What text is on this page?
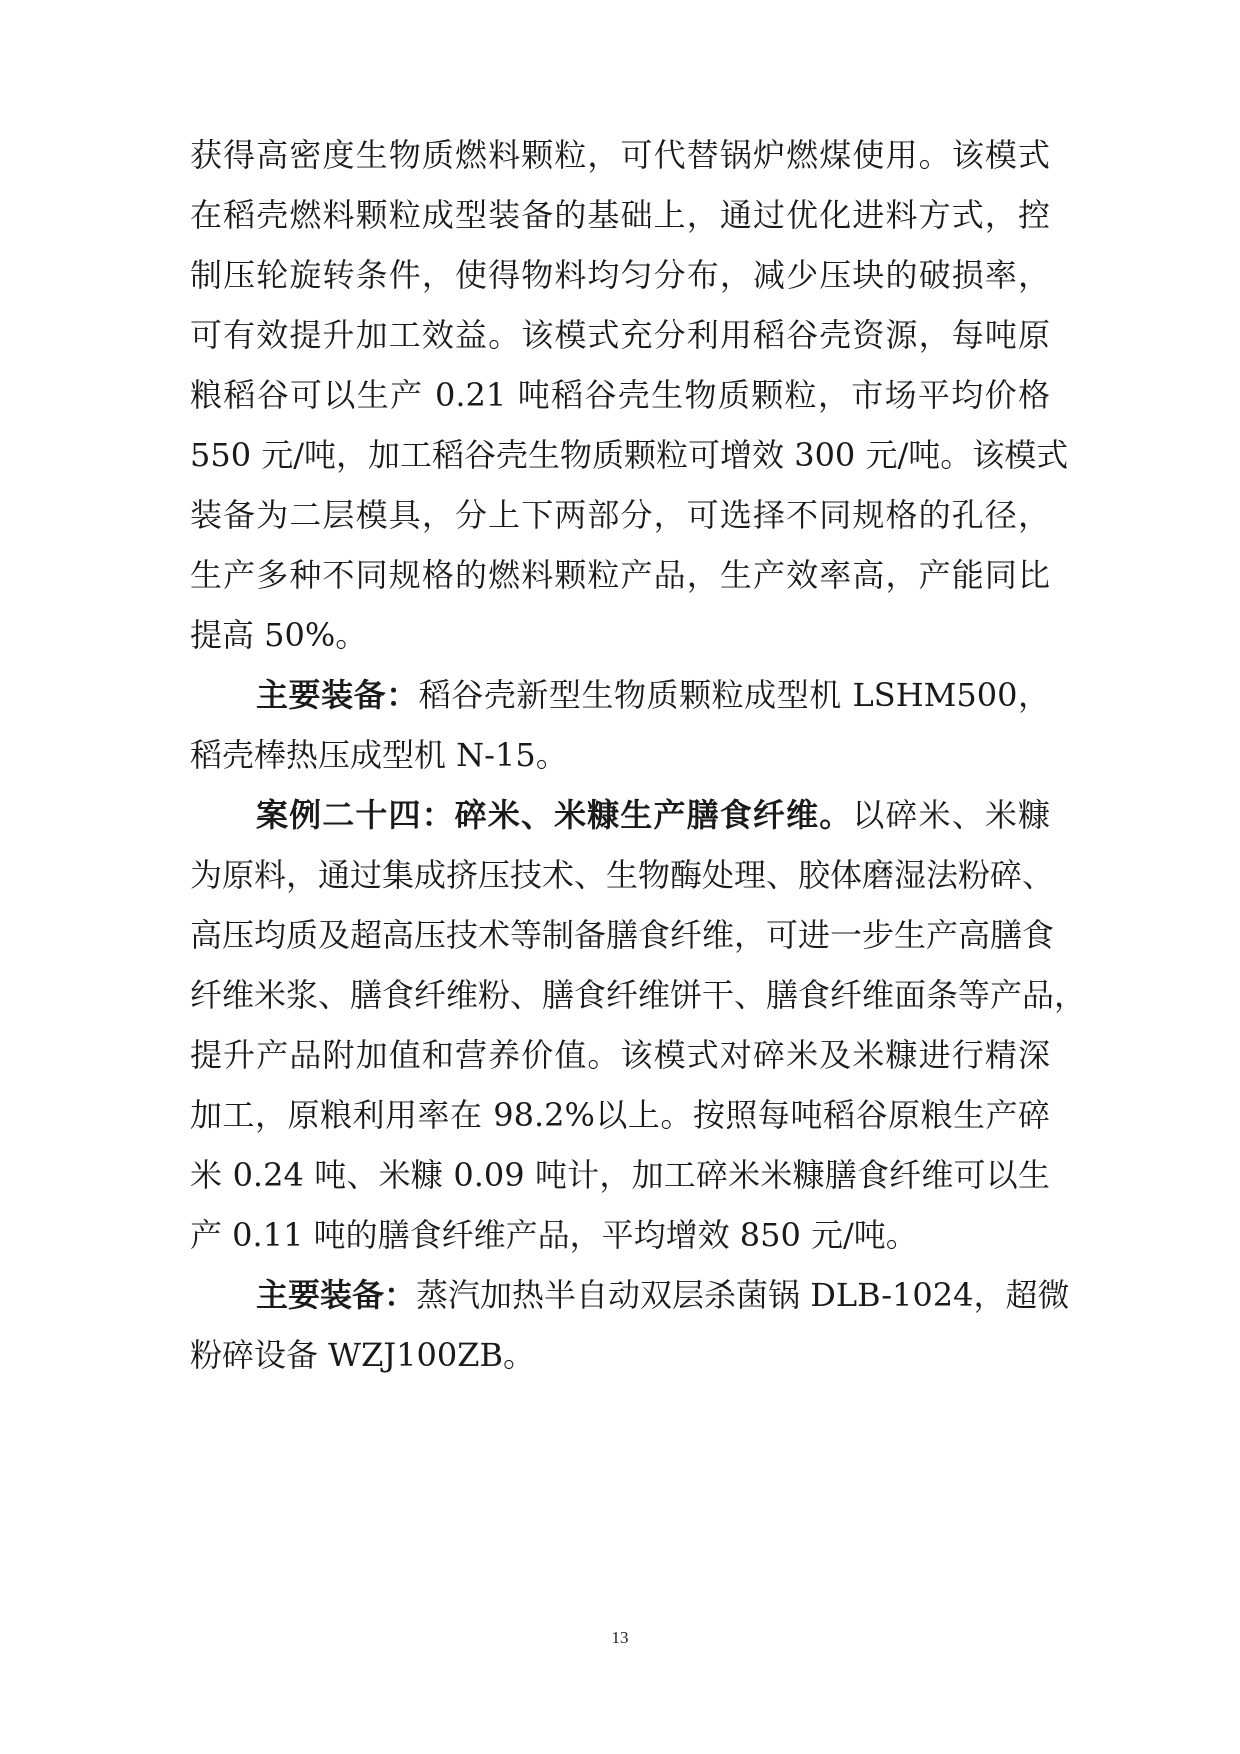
获得高密度生物质燃料颗粒，可代替锅炉燃煤使用。该模式
在稻壳燃料颗粒成型装备的基础上，通过优化进料方式，控
制压轮旋转条件，使得物料均匀分布，减少压块的破损率，
可有效提升加工效益。该模式充分利用稻谷壳资源，每吨原
粮稻谷可以生产 0.21 吨稻谷壳生物质颗粒，市场平均价格
550 元/吨，加工稻谷壳生物质颗粒可增效 300 元/吨。该模式
装备为二层模具，分上下两部分，可选择不同规格的孔径，
生产多种不同规格的燃料颗粒产品，生产效率高，产能同比
提高 50%。
主要装备：稻谷壳新型生物质颗粒成型机 LSHM500，
稻壳棒热压成型机 N-15。
案例二十四：碎米、米糠生产膳食纤维。以碎米、米糠
为原料，通过集成挤压技术、生物酶处理、胶体磨湿法粉碎、
高压均质及超高压技术等制备膳食纤维，可进一步生产高膳食
纤维米浆、膳食纤维粉、膳食纤维饼干、膳食纤维面条等产品，
提升产品附加值和营养价值。该模式对碎米及米糠进行精深
加工，原粮利用率在 98.2%以上。按照每吨稻谷原粮生产碎
米 0.24 吨、米糠 0.09 吨计，加工碎米米糠膳食纤维可以生
产 0.11 吨的膳食纤维产品，平均增效 850 元/吨。
主要装备：蒸汽加热半自动双层杀菌锅 DLB-1024，超微
粉碎设备 WZJ100ZB。
13
